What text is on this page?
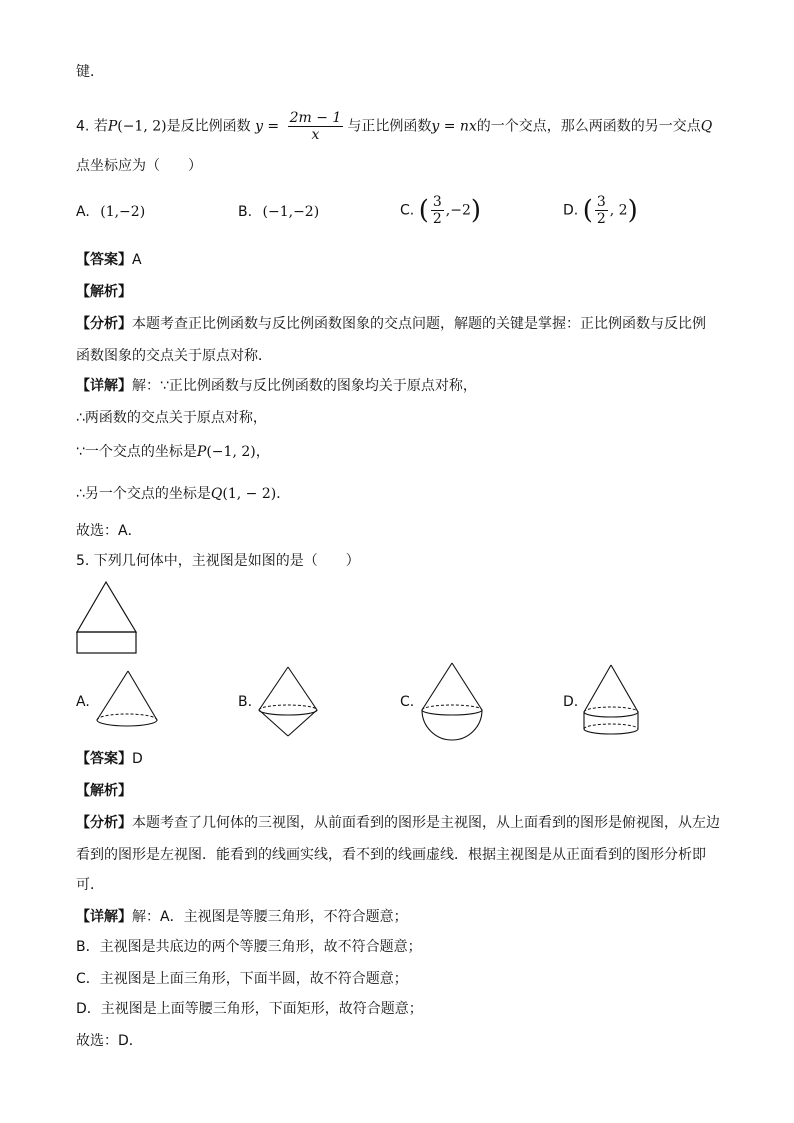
键．
4. 若P(−1, 2)是反比例函数 $y = \frac{2m - 1}{x}$ 与正比例函数y = nx的一个交点，那么两函数的另一交点Q
点坐标应为（　　）
A. (1,−2)	B. (−1,−2)	C. ( $\frac{3}{2} ,-2$)	D. ( $\frac{3}{2}$ , 2)
【答案】A
【解析】
【分析】本题考查正比例函数与反比例函数图象的交点问题，解题的关键是掌握：正比例函数与反比例
函数图象的交点关于原点对称．
【详解】解：∵正比例函数与反比例函数的图象均关于原点对称，
∴两函数的交点关于原点对称，
∵一个交点的坐标是P(−1, 2)，
∴另一个交点的坐标是Q(1, − 2)．
故选：A．
5. 下列几何体中，主视图是如图的是（　　）
A.	B.	C.	D.
【答案】D
【解析】
【分析】本题考查了几何体的三视图，从前面看到的图形是主视图，从上面看到的图形是俯视图，从左边
看到的图形是左视图．能看到的线画实线，看不到的线画虚线．根据主视图是从正面看到的图形分析即
可．
【详解】解：A．主视图是等腰三角形，不符合题意；
B．主视图是共底边的两个等腰三角形，故不符合题意；
C．主视图是上面三角形，下面半圆，故不符合题意；
D．主视图是上面等腰三角形，下面矩形，故符合题意；
故选：D．
